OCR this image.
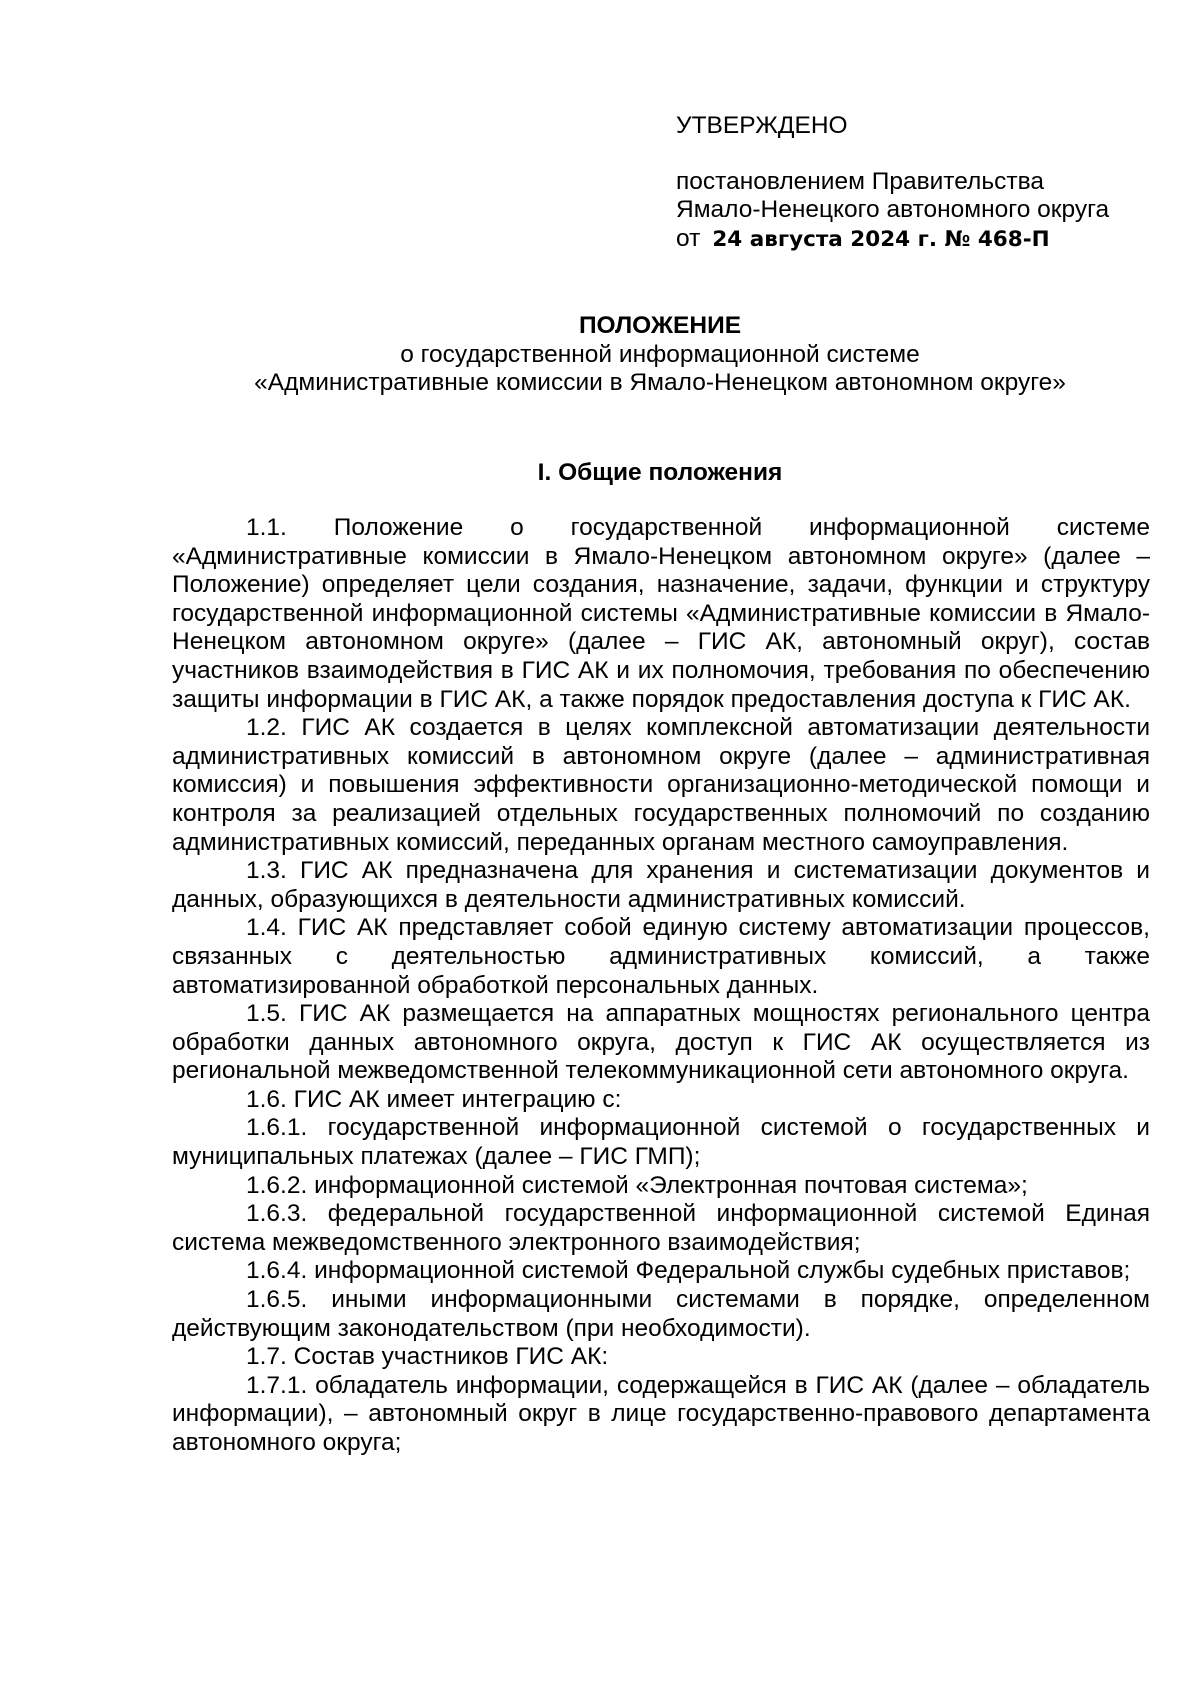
УТВЕРЖДЕНО
постановлением Правительства
Ямало-Ненецкого автономного округа
от 24 августа 2024 г. № 468-П
ПОЛОЖЕНИЕ
о государственной информационной системе
«Административные комиссии в Ямало-Ненецком автономном округе»
I. Общие положения

1.1. Положение о государственной информационной системе «Административные комиссии в Ямало-Ненецком автономном округе» (далее – Положение) определяет цели создания, назначение, задачи, функции и структуру государственной информационной системы «Административные комиссии в Ямало-Ненецком автономном округе» (далее – ГИС АК, автономный округ), состав участников взаимодействия в ГИС АК и их полномочия, требования по обеспечению защиты информации в ГИС АК, а также порядок предоставления доступа к ГИС АК.

1.2. ГИС АК создается в целях комплексной автоматизации деятельности административных комиссий в автономном округе (далее – административная комиссия) и повышения эффективности организационно-методической помощи и контроля за реализацией отдельных государственных полномочий по созданию административных комиссий, переданных органам местного самоуправления.

1.3. ГИС АК предназначена для хранения и систематизации документов и данных, образующихся в деятельности административных комиссий.

1.4. ГИС АК представляет собой единую систему автоматизации процессов, связанных с деятельностью административных комиссий, а также автоматизированной обработкой персональных данных.

1.5. ГИС АК размещается на аппаратных мощностях регионального центра обработки данных автономного округа, доступ к ГИС АК осуществляется из региональной межведомственной телекоммуникационной сети автономного округа.

1.6. ГИС АК имеет интеграцию с:

1.6.1. государственной информационной системой о государственных и муниципальных платежах (далее – ГИС ГМП);

1.6.2. информационной системой «Электронная почтовая система»;

1.6.3. федеральной государственной информационной системой Единая система межведомственного электронного взаимодействия;

1.6.4. информационной системой Федеральной службы судебных приставов;

1.6.5. иными информационными системами в порядке, определенном действующим законодательством (при необходимости).

1.7. Состав участников ГИС АК:

1.7.1. обладатель информации, содержащейся в ГИС АК (далее – обладатель информации), – автономный округ в лице государственно-правового департамента автономного округа;
